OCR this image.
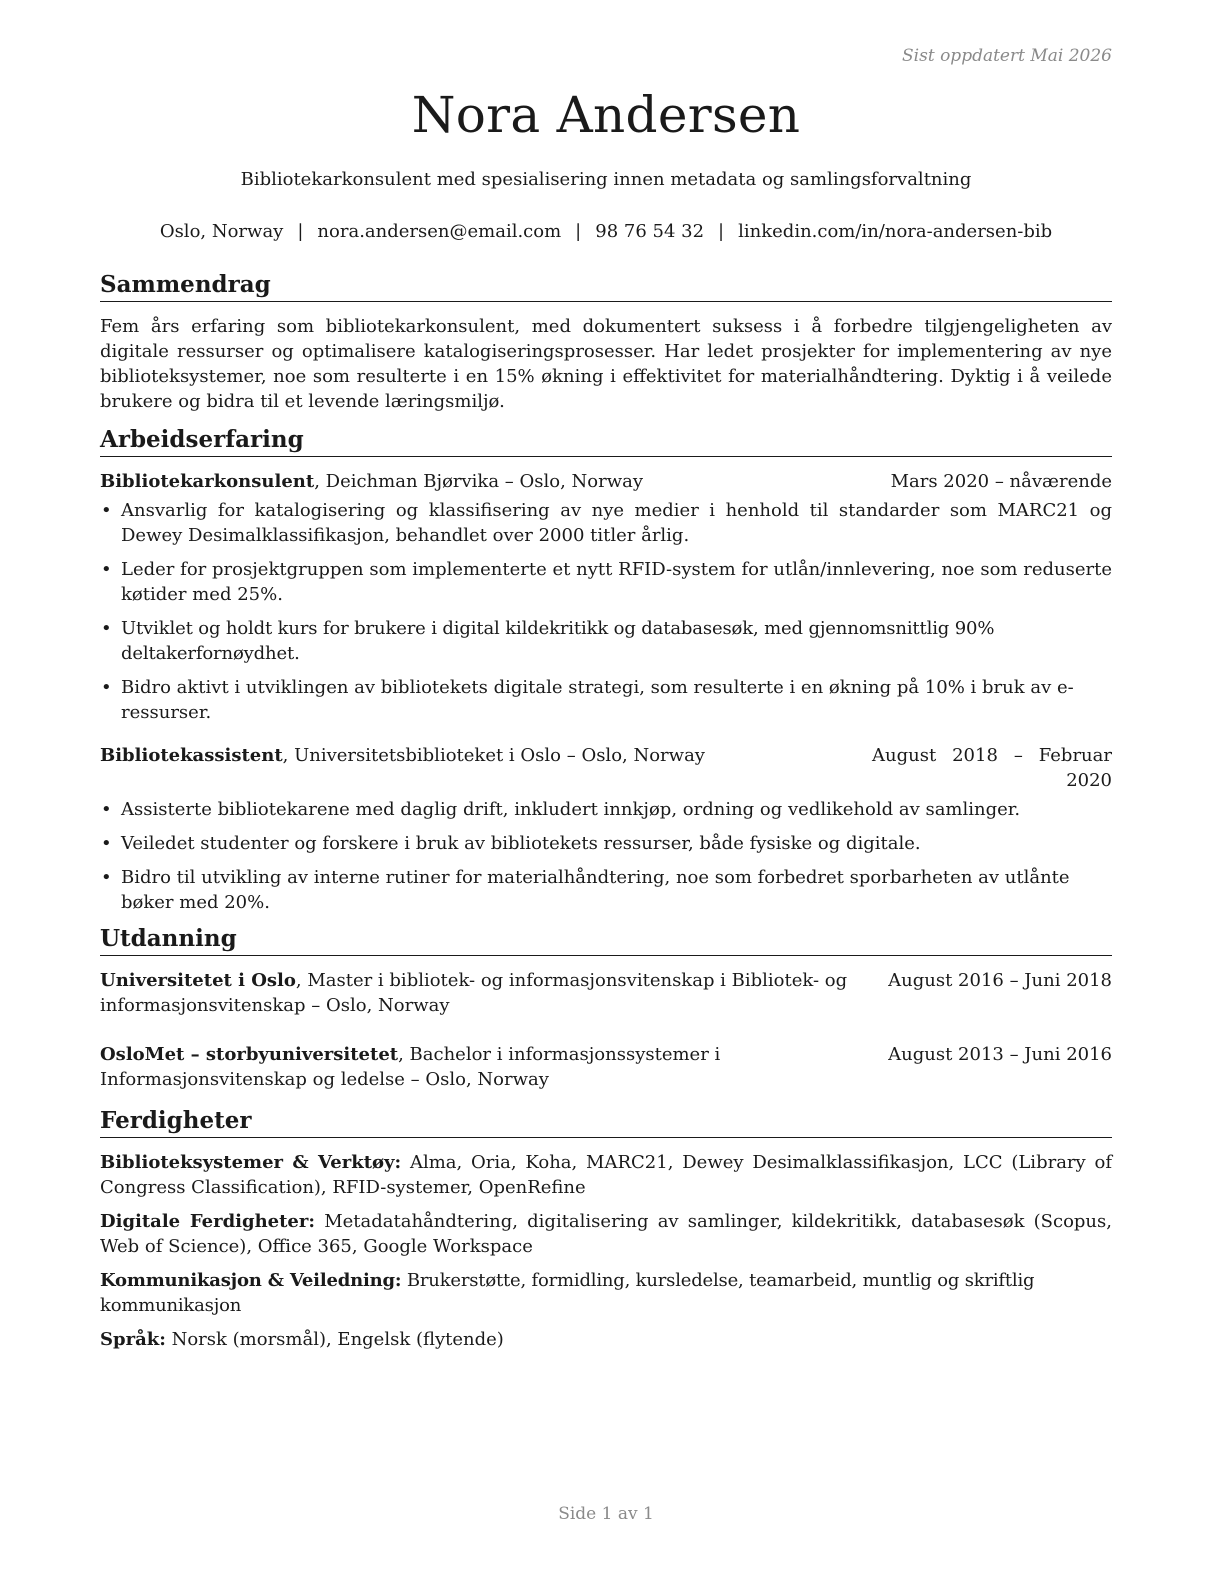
Sist oppdatert Mai 2026

Nora Andersen

Bibliotekarkonsulent med spesialisering innen metadata og samlingsforvaltning

Oslo, Norway | nora.andersen@email.com | 98 76 54 32 | linkedin.com/in/nora-andersen-bib

Sammendrag

Fem års erfaring som bibliotekarkonsulent, med dokumentert suksess i å forbedre tilgjengeligheten av digitale ressurser og optimalisere katalogiseringsprosesser. Har ledet prosjekter for implementering av nye biblioteksystemer, noe som resulterte i en 15% økning i effektivitet for materialhåndtering. Dyktig i å veilede brukere og bidra til et levende læringsmiljø.

Arbeidserfaring
Bibliotekarkonsulent, Deichman Bjørvika – Oslo, Norway	Mars 2020 – nåværende
• Ansvarlig for katalogisering og klassifisering av nye medier i henhold til standarder som MARC21 og Dewey Desimalklassifikasjon, behandlet over 2000 titler årlig.
• Leder for prosjektgruppen som implementerte et nytt RFID-system for utlån/innlevering, noe som reduserte køtider med 25%.
• Utviklet og holdt kurs for brukere i digital kildekritikk og databasesøk, med gjennomsnittlig 90% deltakerfornøydhet.
• Bidro aktivt i utviklingen av bibliotekets digitale strategi, som resulterte i en økning på 10% i bruk av e-ressurser.
Bibliotekassistent, Universitetsbiblioteket i Oslo – Oslo, Norway	August 2018 – Februar 2020
• Assisterte bibliotekarene med daglig drift, inkludert innkjøp, ordning og vedlikehold av samlinger.
• Veiledet studenter og forskere i bruk av bibliotekets ressurser, både fysiske og digitale.
• Bidro til utvikling av interne rutiner for materialhåndtering, noe som forbedret sporbarheten av utlånte bøker med 20%.
Utdanning
Universitetet i Oslo, Master i bibliotek- og informasjonsvitenskap i Bibliotek- og informasjonsvitenskap – Oslo, Norway
August 2016 – Juni 2018
OsloMet – storbyuniversitetet, Bachelor i informasjonssystemer i Informasjonsvitenskap og ledelse – Oslo, Norway
August 2013 – Juni 2016
Ferdigheter

Biblioteksystemer & Verktøy: Alma, Oria, Koha, MARC21, Dewey Desimalklassifikasjon, LCC (Library of Congress Classification), RFID-systemer, OpenRefine

Digitale Ferdigheter: Metadatahåndtering, digitalisering av samlinger, kildekritikk, databasesøk (Scopus, Web of Science), Office 365, Google Workspace

Kommunikasjon & Veiledning: Brukerstøtte, formidling, kursledelse, teamarbeid, muntlig og skriftlig kommunikasjon

Språk: Norsk (morsmål), Engelsk (flytende)

Side 1 av 1
